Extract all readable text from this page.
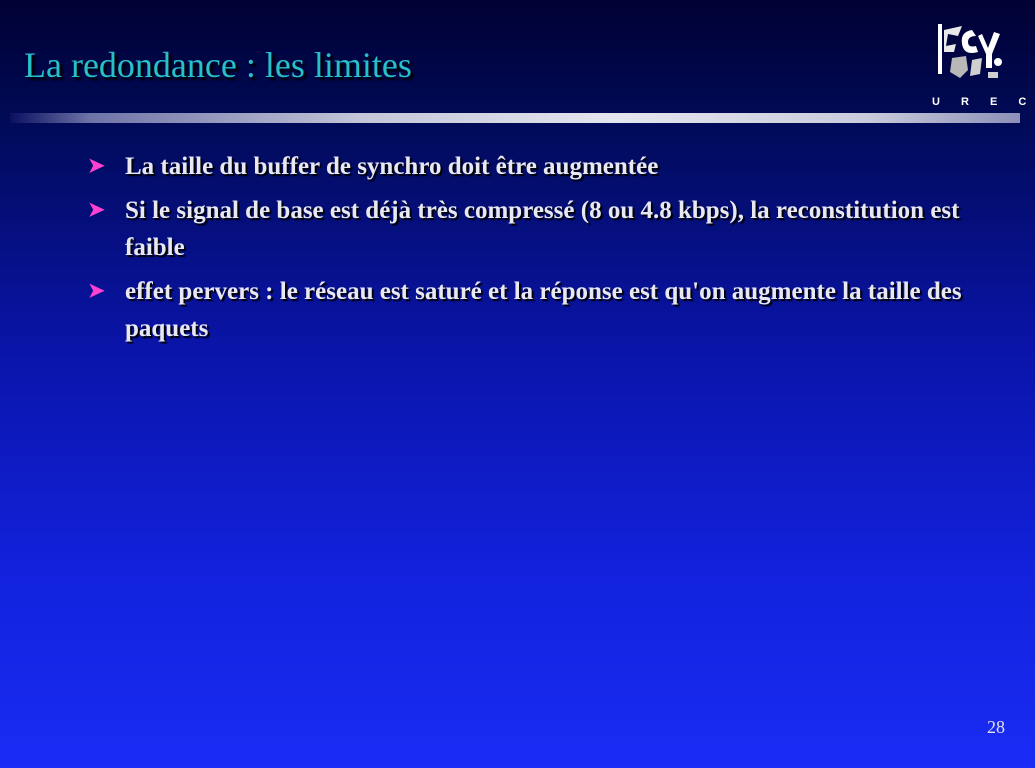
La redondance : les limites
U R E C
➤ La taille du buffer de synchro doit être augmentée
➤ Si le signal de base est déjà très compressé (8 ou 4.8 kbps), la reconstitution est faible
➤ effet pervers : le réseau est saturé et la réponse est qu'on augmente la taille des paquets
28
